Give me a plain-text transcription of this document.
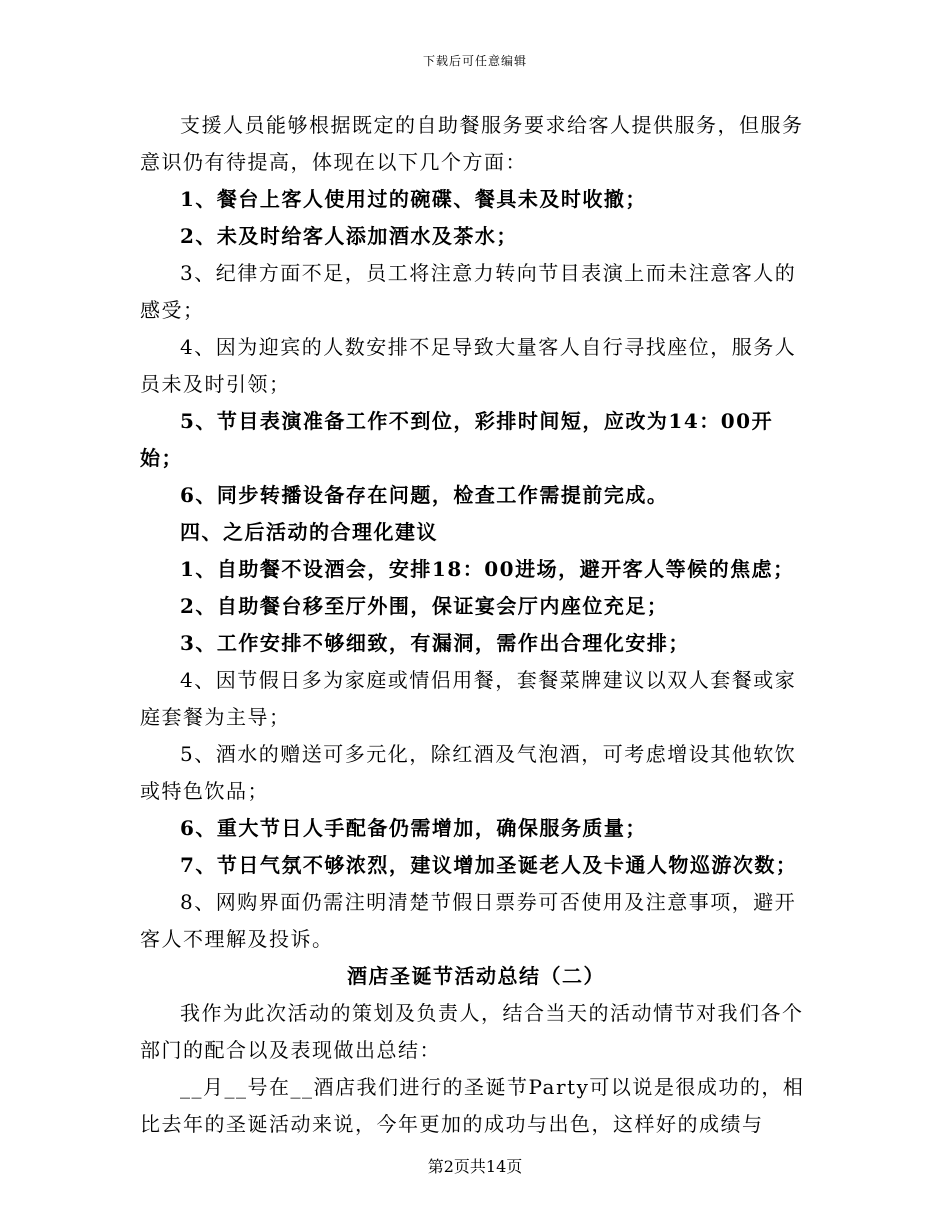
下载后可任意编辑

支援人员能够根据既定的自助餐服务要求给客人提供服务，但服务意识仍有待提高，体现在以下几个方面：

1、餐台上客人使用过的碗碟、餐具未及时收撤；

2、未及时给客人添加酒水及茶水；

3、纪律方面不足，员工将注意力转向节目表演上而未注意客人的感受；

4、因为迎宾的人数安排不足导致大量客人自行寻找座位，服务人员未及时引领；

5、节目表演准备工作不到位，彩排时间短，应改为14：00开始；

6、同步转播设备存在问题，检查工作需提前完成。

四、之后活动的合理化建议

1、自助餐不设酒会，安排18：00进场，避开客人等候的焦虑；

2、自助餐台移至厅外围，保证宴会厅内座位充足；

3、工作安排不够细致，有漏洞，需作出合理化安排；

4、因节假日多为家庭或情侣用餐，套餐菜牌建议以双人套餐或家庭套餐为主导；

5、酒水的赠送可多元化，除红酒及气泡酒，可考虑增设其他软饮或特色饮品；

6、重大节日人手配备仍需增加，确保服务质量；

7、节日气氛不够浓烈，建议增加圣诞老人及卡通人物巡游次数；

8、网购界面仍需注明清楚节假日票券可否使用及注意事项，避开客人不理解及投诉。

酒店圣诞节活动总结（二）

我作为此次活动的策划及负责人，结合当天的活动情节对我们各个部门的配合以及表现做出总结：

__月__号在__酒店我们进行的圣诞节Party可以说是很成功的，相比去年的圣诞活动来说，今年更加的成功与出色，这样好的成绩与

第2页共14页
